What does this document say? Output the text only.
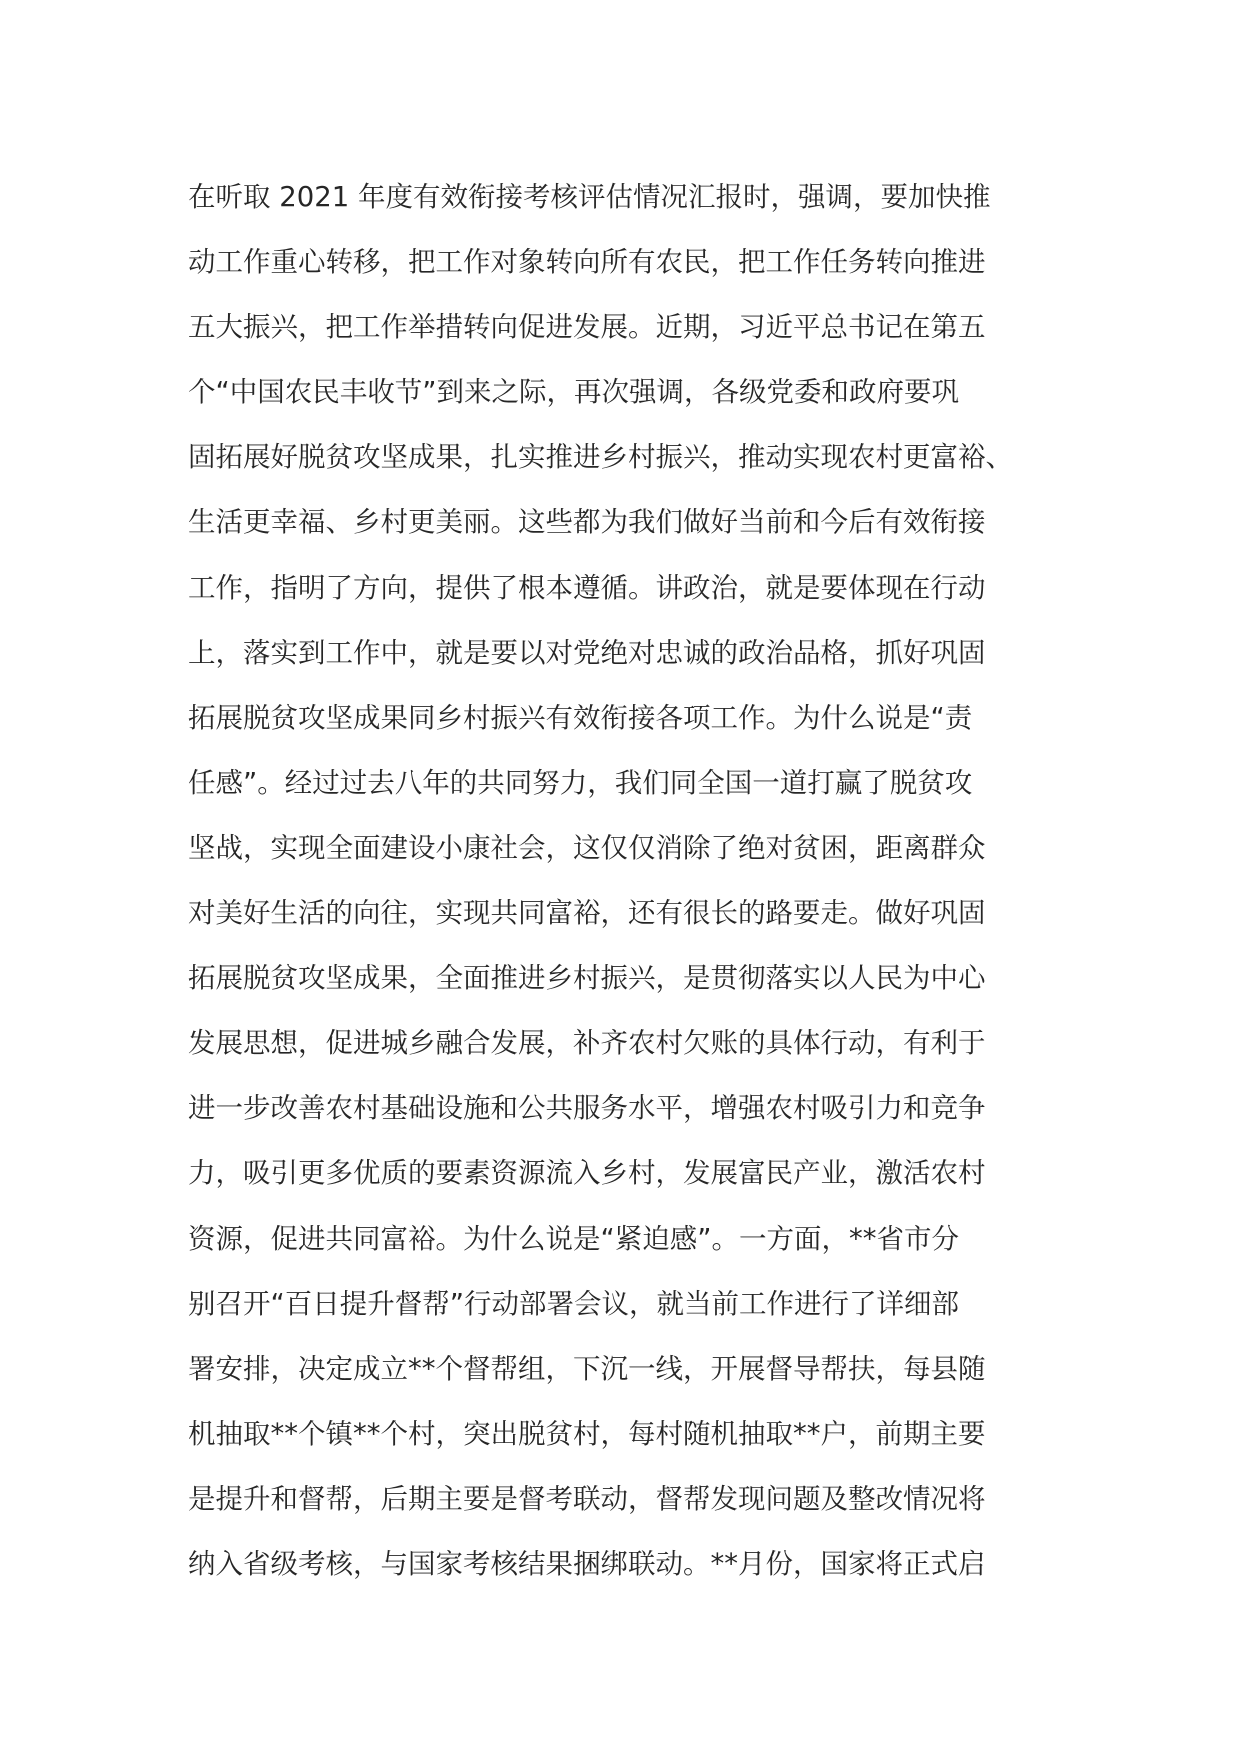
在听取 2021 年度有效衔接考核评估情况汇报时，强调，要加快推
动工作重心转移，把工作对象转向所有农民，把工作任务转向推进
五大振兴，把工作举措转向促进发展。近期，习近平总书记在第五
个“中国农民丰收节”到来之际，再次强调，各级党委和政府要巩
固拓展好脱贫攻坚成果，扎实推进乡村振兴，推动实现农村更富裕、
生活更幸福、乡村更美丽。这些都为我们做好当前和今后有效衔接
工作，指明了方向，提供了根本遵循。讲政治，就是要体现在行动
上，落实到工作中，就是要以对党绝对忠诚的政治品格，抓好巩固
拓展脱贫攻坚成果同乡村振兴有效衔接各项工作。为什么说是“责
任感”。经过过去八年的共同努力，我们同全国一道打赢了脱贫攻
坚战，实现全面建设小康社会，这仅仅消除了绝对贫困，距离群众
对美好生活的向往，实现共同富裕，还有很长的路要走。做好巩固
拓展脱贫攻坚成果，全面推进乡村振兴，是贯彻落实以人民为中心
发展思想，促进城乡融合发展，补齐农村欠账的具体行动，有利于
进一步改善农村基础设施和公共服务水平，增强农村吸引力和竞争
力，吸引更多优质的要素资源流入乡村，发展富民产业，激活农村
资源，促进共同富裕。为什么说是“紧迫感”。一方面，**省市分
别召开“百日提升督帮”行动部署会议，就当前工作进行了详细部
署安排，决定成立**个督帮组，下沉一线，开展督导帮扶，每县随
机抽取**个镇**个村，突出脱贫村，每村随机抽取**户，前期主要
是提升和督帮，后期主要是督考联动，督帮发现问题及整改情况将
纳入省级考核，与国家考核结果捆绑联动。**月份，国家将正式启
